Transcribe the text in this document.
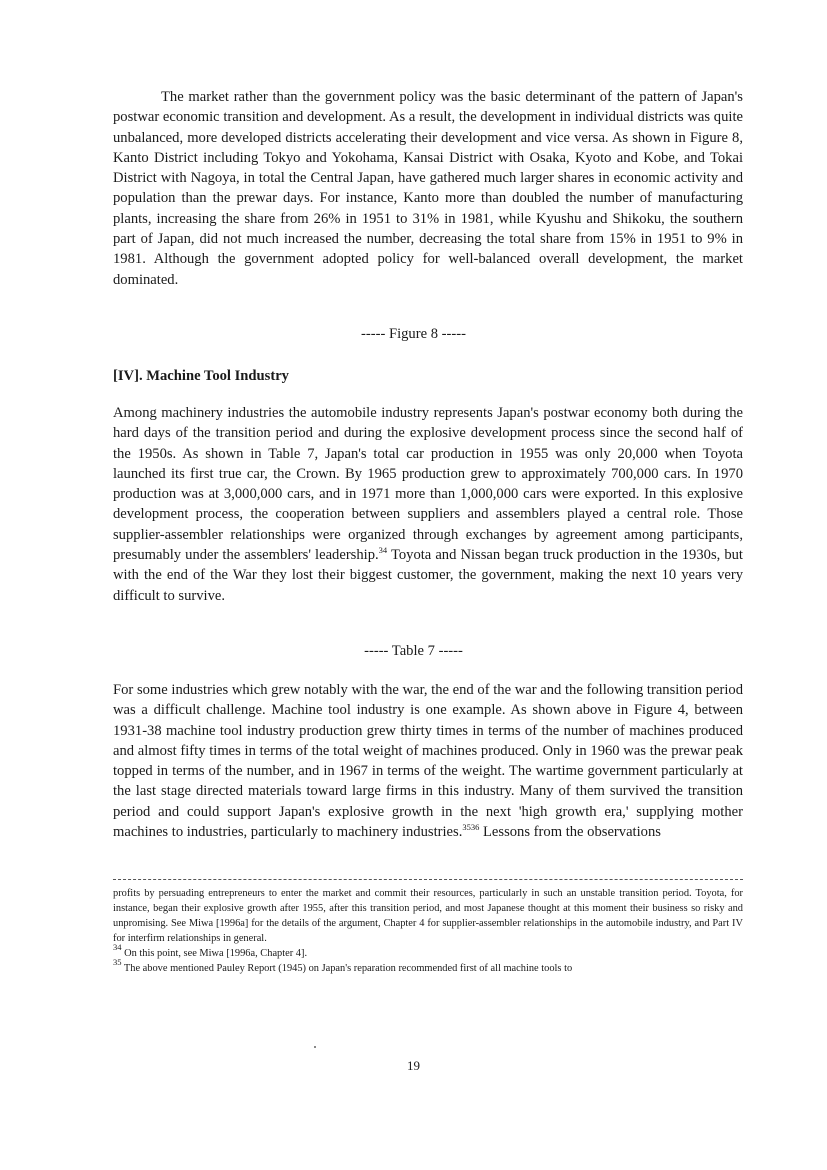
The market rather than the government policy was the basic determinant of the pattern of Japan's postwar economic transition and development. As a result, the development in individual districts was quite unbalanced, more developed districts accelerating their development and vice versa. As shown in Figure 8, Kanto District including Tokyo and Yokohama, Kansai District with Osaka, Kyoto and Kobe, and Tokai District with Nagoya, in total the Central Japan, have gathered much larger shares in economic activity and population than the prewar days. For instance, Kanto more than doubled the number of manufacturing plants, increasing the share from 26% in 1951 to 31% in 1981, while Kyushu and Shikoku, the southern part of Japan, did not much increased the number, decreasing the total share from 15% in 1951 to 9% in 1981. Although the government adopted policy for well-balanced overall development, the market dominated.

----- Figure 8 -----

[IV]. Machine Tool Industry

Among machinery industries the automobile industry represents Japan's postwar economy both during the hard days of the transition period and during the explosive development process since the second half of the 1950s. As shown in Table 7, Japan's total car production in 1955 was only 20,000 when Toyota launched its first true car, the Crown. By 1965 production grew to approximately 700,000 cars. In 1970 production was at 3,000,000 cars, and in 1971 more than 1,000,000 cars were exported. In this explosive development process, the cooperation between suppliers and assemblers played a central role. Those supplier-assembler relationships were organized through exchanges by agreement among participants, presumably under the assemblers' leadership.$^{34}$ Toyota and Nissan began truck production in the 1930s, but with the end of the War they lost their biggest customer, the government, making the next 10 years very difficult to survive.

----- Table 7 -----

For some industries which grew notably with the war, the end of the war and the following transition period was a difficult challenge. Machine tool industry is one example. As shown above in Figure 4, between 1931-38 machine tool industry production grew thirty times in terms of the number of machines produced and almost fifty times in terms of the total weight of machines produced. Only in 1960 was the prewar peak topped in terms of the number, and in 1967 in terms of the weight. The wartime government particularly at the last stage directed materials toward large firms in this industry. Many of them survived the transition period and could support Japan's explosive growth in the next 'high growth era,' supplying mother machines to industries, particularly to machinery industries.$^{3536}$ Lessons from the observations

profits by persuading entrepreneurs to enter the market and commit their resources, particularly in such an unstable transition period. Toyota, for instance, began their explosive growth after 1955, after this transition period, and most Japanese thought at this moment their business so risky and unpromising. See Miwa [1996a] for the details of the argument, Chapter 4 for supplier-assembler relationships in the automobile industry, and Part IV for interfirm relationships in general.

$^{34}$ On this point, see Miwa [1996a, Chapter 4].

$^{35}$ The above mentioned Pauley Report (1945) on Japan's reparation recommended first of all machine tools to

19
